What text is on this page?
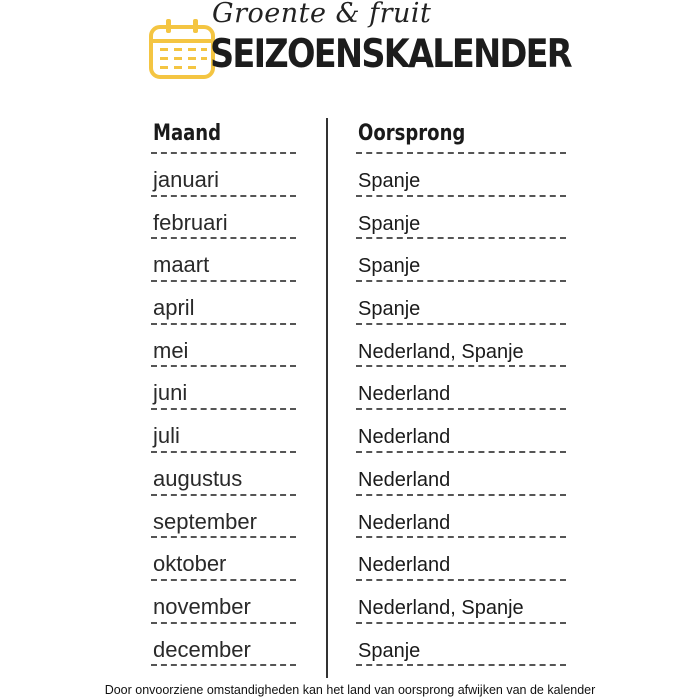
Groente & fruit
SEIZOENSKALENDER
Maand
januari
februari
maart
april
mei
juni
juli
augustus
september
oktober
november
december
Oorsprong
Spanje
Spanje
Spanje
Spanje
Nederland, Spanje
Nederland
Nederland
Nederland
Nederland
Nederland
Nederland, Spanje
Spanje
Door onvoorziene omstandigheden kan het land van oorsprong afwijken van de kalender
